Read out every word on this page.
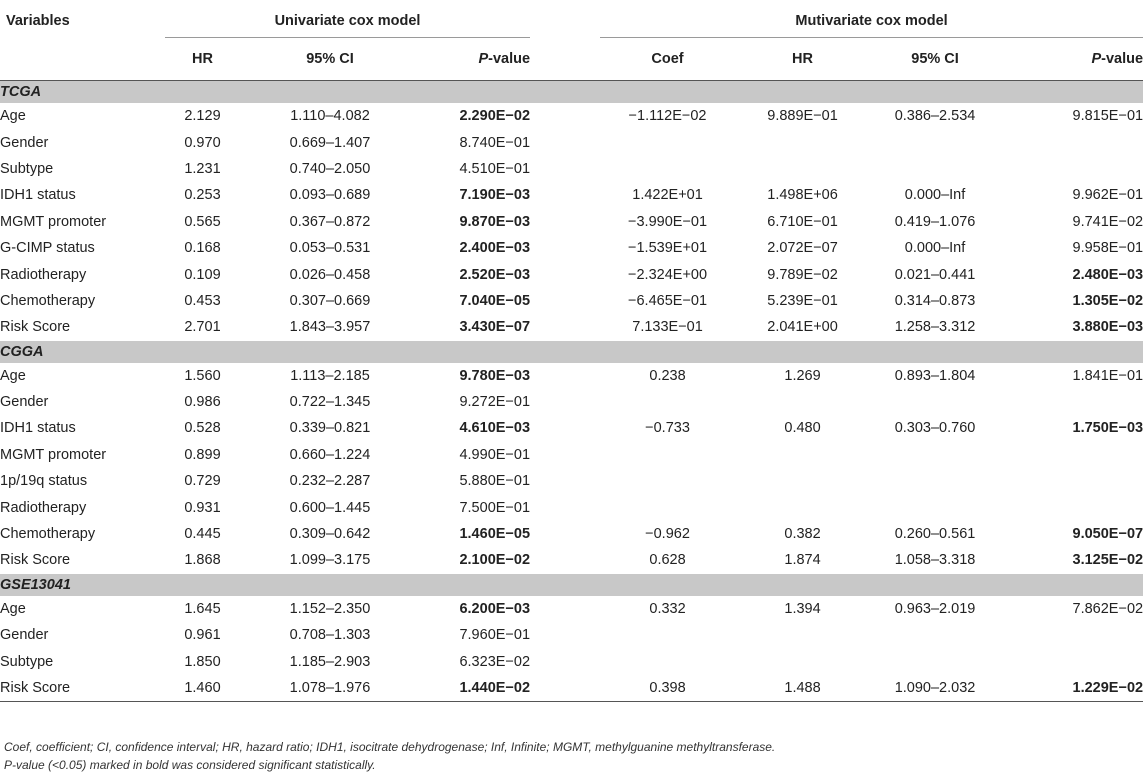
Variables	Univariate cox model				Mutivariate cox model			
	HR	95% CI	P-value		Coef	HR	95% CI	P-value
TCGA								
Age	2.129	1.110–4.082	2.290E−02		−1.112E−02	9.889E−01	0.386–2.534	9.815E−01
Gender	0.970	0.669–1.407	8.740E−01					
Subtype	1.231	0.740–2.050	4.510E−01					
IDH1 status	0.253	0.093–0.689	7.190E−03		1.422E+01	1.498E+06	0.000–Inf	9.962E−01
MGMT promoter	0.565	0.367–0.872	9.870E−03		−3.990E−01	6.710E−01	0.419–1.076	9.741E−02
G-CIMP status	0.168	0.053–0.531	2.400E−03		−1.539E+01	2.072E−07	0.000–Inf	9.958E−01
Radiotherapy	0.109	0.026–0.458	2.520E−03		−2.324E+00	9.789E−02	0.021–0.441	2.480E−03
Chemotherapy	0.453	0.307–0.669	7.040E−05		−6.465E−01	5.239E−01	0.314–0.873	1.305E−02
Risk Score	2.701	1.843–3.957	3.430E−07		7.133E−01	2.041E+00	1.258–3.312	3.880E−03
CGGA								
Age	1.560	1.113–2.185	9.780E−03		0.238	1.269	0.893–1.804	1.841E−01
Gender	0.986	0.722–1.345	9.272E−01					
IDH1 status	0.528	0.339–0.821	4.610E−03		−0.733	0.480	0.303–0.760	1.750E−03
MGMT promoter	0.899	0.660–1.224	4.990E−01					
1p/19q status	0.729	0.232–2.287	5.880E−01					
Radiotherapy	0.931	0.600–1.445	7.500E−01					
Chemotherapy	0.445	0.309–0.642	1.460E−05		−0.962	0.382	0.260–0.561	9.050E−07
Risk Score	1.868	1.099–3.175	2.100E−02		0.628	1.874	1.058–3.318	3.125E−02
GSE13041								
Age	1.645	1.152–2.350	6.200E−03		0.332	1.394	0.963–2.019	7.862E−02
Gender	0.961	0.708–1.303	7.960E−01					
Subtype	1.850	1.185–2.903	6.323E−02					
Risk Score	1.460	1.078–1.976	1.440E−02		0.398	1.488	1.090–2.032	1.229E−02
Coef, coefficient; CI, confidence interval; HR, hazard ratio; IDH1, isocitrate dehydrogenase; Inf, Infinite; MGMT, methylguanine methyltransferase.
P-value (<0.05) marked in bold was considered significant statistically.
